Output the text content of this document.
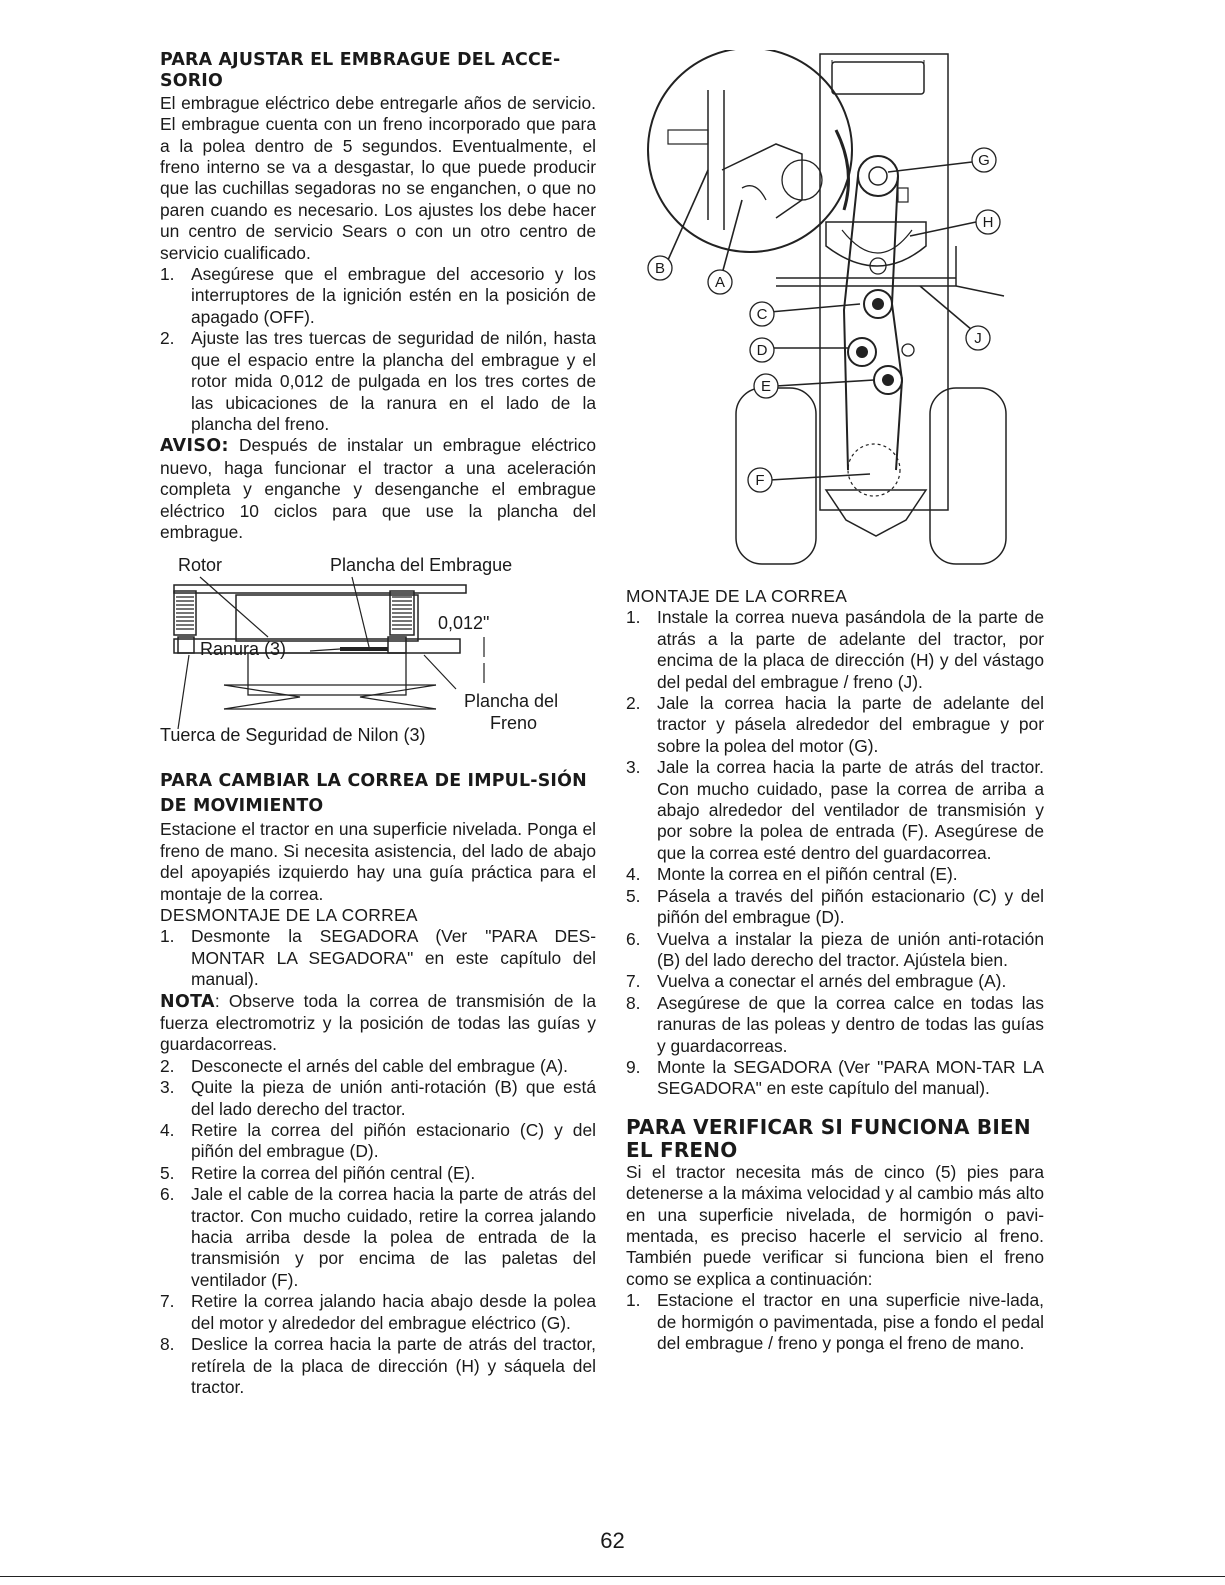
PARA AJUSTAR EL EMBRAGUE DEL ACCE-SORIO

El embrague eléctrico debe entregarle años de servicio. El embrague cuenta con un freno incorporado que para a la polea dentro de 5 segundos. Eventualmente, el freno interno se va a desgastar, lo que puede producir que las cuchillas segadoras no se enganchen, o que no paren cuando es necesario. Los ajustes los debe hacer un centro de servicio Sears o con un otro centro de servicio cualificado.

1. Asegúrese que el embrague del accesorio y los interruptores de la ignición estén en la posición de apagado (OFF).
2. Ajuste las tres tuercas de seguridad de nilón, hasta que el espacio entre la plancha del embrague y el rotor mida 0,012 de pulgada en los tres cortes de las ubicaciones de la ranura en el lado de la plancha del freno.

AVISO: Después de instalar un embrague eléctrico nuevo, haga funcionar el tractor a una aceleración completa y enganche y desenganche el embrague eléctrico 10 ciclos para que use la plancha del embrague.

Rotor	Plancha del Embrague
0,012"
Ranura (3)
Plancha del
Freno
Tuerca de Seguridad de Nilon (3)
PARA CAMBIAR LA CORREA DE IMPUL-SIÓN DE MOVIMIENTO

Estacione el tractor en una superficie nivelada. Ponga el freno de mano. Si necesita asistencia, del lado de abajo del apoyapiés izquierdo hay una guía práctica para el montaje de la correa.

DESMONTAJE DE LA CORREA
1. Desmonte la SEGADORA (Ver "PARA DES-MONTAR LA SEGADORA" en este capítulo del manual).

NOTA: Observe toda la correa de transmisión de la fuerza electromotriz y la posición de todas las guías y guardacorreas.

2. Desconecte el arnés del cable del embrague (A).
3. Quite la pieza de unión anti-rotación (B) que está del lado derecho del tractor.
4. Retire la correa del piñón estacionario (C) y del piñón del embrague (D).
5. Retire la correa del piñón central (E).
6. Jale el cable de la correa hacia la parte de atrás del tractor. Con mucho cuidado, retire la correa jalando hacia arriba desde la polea de entrada de la transmisión y por encima de las paletas del ventilador (F).
7. Retire la correa jalando hacia abajo desde la polea del motor y alrededor del embrague eléctrico (G).
8. Deslice la correa hacia la parte de atrás del tractor, retírela de la placa de dirección (H) y sáquela del tractor.
G
H
B
A
C
J
D
E
F
MONTAJE DE LA CORREA
1. Instale la correa nueva pasándola de la parte de atrás a la parte de adelante del tractor, por encima de la placa de dirección (H) y del vástago del pedal del embrague / freno (J).
2. Jale la correa hacia la parte de adelante del tractor y pásela alrededor del embrague y por sobre la polea del motor (G).
3. Jale la correa hacia la parte de atrás del tractor. Con mucho cuidado, pase la correa de arriba a abajo alrededor del ventilador de transmisión y por sobre la polea de entrada (F). Asegúrese de que la correa esté dentro del guardacorrea.
4. Monte la correa en el piñón central (E).
5. Pásela a través del piñón estacionario (C) y del piñón del embrague (D).
6. Vuelva a instalar la pieza de unión anti-rotación (B) del lado derecho del tractor. Ajústela bien.
7. Vuelva a conectar el arnés del embrague (A).
8. Asegúrese de que la correa calce en todas las ranuras de las poleas y dentro de todas las guías y guardacorreas.
9. Monte la SEGADORA (Ver "PARA MON-TAR LA SEGADORA" en este capítulo del manual).
PARA VERIFICAR SI FUNCIONA BIEN EL FRENO

Si el tractor necesita más de cinco (5) pies para detenerse a la máxima velocidad y al cambio más alto en una superficie nivelada, de hormigón o pavi-mentada, es preciso hacerle el servicio al freno. También puede verificar si funciona bien el freno como se explica a continuación:

1. Estacione el tractor en una superficie nive-lada, de hormigón o pavimentada, pise a fondo el pedal del embrague / freno y ponga el freno de mano.
62
